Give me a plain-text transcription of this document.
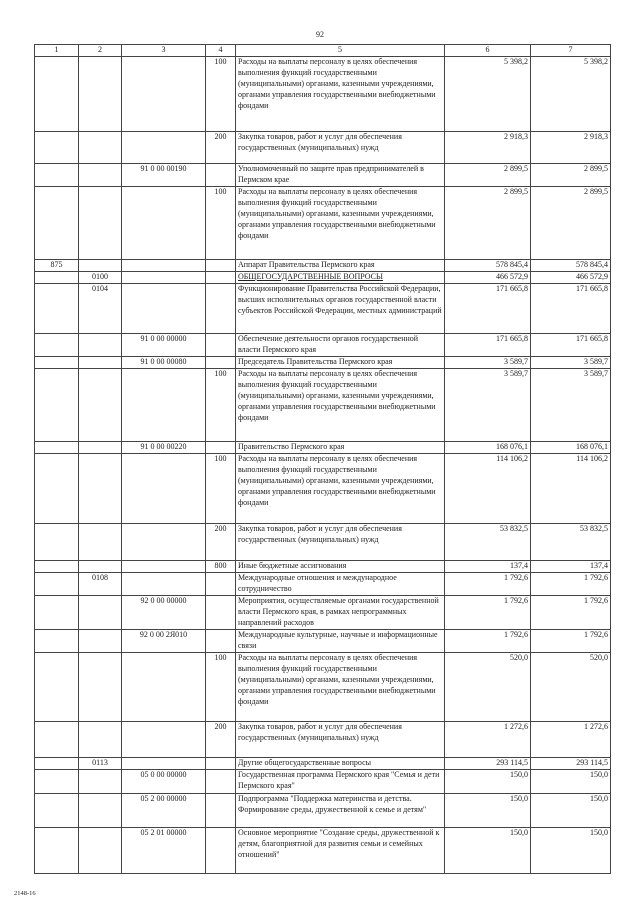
92
1	2	3	4	5	6	7
			100	Расходы на выплаты персоналу в целях обеспечения выполнения функций государственными (муниципальными) органами, казенными учреждениями, органами управления государственными внебюджетными фондами	5 398,2	5 398,2
			200	Закупка товаров, работ и услуг для обеспечения государственных (муниципальных) нужд	2 918,3	2 918,3
		91 0 00 00190		Уполномоченный по защите прав предпринимателей в Пермском крае	2 899,5	2 899,5
			100	Расходы на выплаты персоналу в целях обеспечения выполнения функций государственными (муниципальными) органами, казенными учреждениями, органами управления государственными внебюджетными фондами	2 899,5	2 899,5
875				Аппарат Правительства Пермского края	578 845,4	578 845,4
	0100			ОБЩЕГОСУДАРСТВЕННЫЕ ВОПРОСЫ	466 572,9	466 572,9
	0104			Функционирование Правительства Российской Федерации, высших исполнительных органов государственной власти субъектов Российской Федерации, местных администраций	171 665,8	171 665,8
		91 0 00 00000		Обеспечение деятельности органов государственной власти Пермского края	171 665,8	171 665,8
		91 0 00 00080		Председатель Правительства Пермского края	3 589,7	3 589,7
			100	Расходы на выплаты персоналу в целях обеспечения выполнения функций государственными (муниципальными) органами, казенными учреждениями, органами управления государственными внебюджетными фондами	3 589,7	3 589,7
		91 0 00 00220		Правительство Пермского края	168 076,1	168 076,1
			100	Расходы на выплаты персоналу в целях обеспечения выполнения функций государственными (муниципальными) органами, казенными учреждениями, органами управления государственными внебюджетными фондами	114 106,2	114 106,2
			200	Закупка товаров, работ и услуг для обеспечения государственных (муниципальных) нужд	53 832,5	53 832,5
			800	Иные бюджетные ассигнования	137,4	137,4
	0108			Международные отношения и международное сотрудничество	1 792,6	1 792,6
		92 0 00 00000		Мероприятия, осуществляемые органами государственной власти Пермского края, в рамках непрограммных направлений расходов	1 792,6	1 792,6
		92 0 00 2Я010		Международные культурные, научные и информационные связи	1 792,6	1 792,6
			100	Расходы на выплаты персоналу в целях обеспечения выполнения функций государственными (муниципальными) органами, казенными учреждениями, органами управления государственными внебюджетными фондами	520,0	520,0
			200	Закупка товаров, работ и услуг для обеспечения государственных (муниципальных) нужд	1 272,6	1 272,6
	0113			Другие общегосударственные вопросы	293 114,5	293 114,5
		05 0 00 00000		Государственная программа Пермского края "Семья и дети Пермского края"	150,0	150,0
		05 2 00 00000		Подпрограмма "Поддержка материнства и детства. Формирование среды, дружественной к семье и детям"	150,0	150,0
		05 2 01 00000		Основное мероприятие "Создание среды, дружественной к детям, благоприятной для развития семьи и семейных отношений"	150,0	150,0
2148-16
